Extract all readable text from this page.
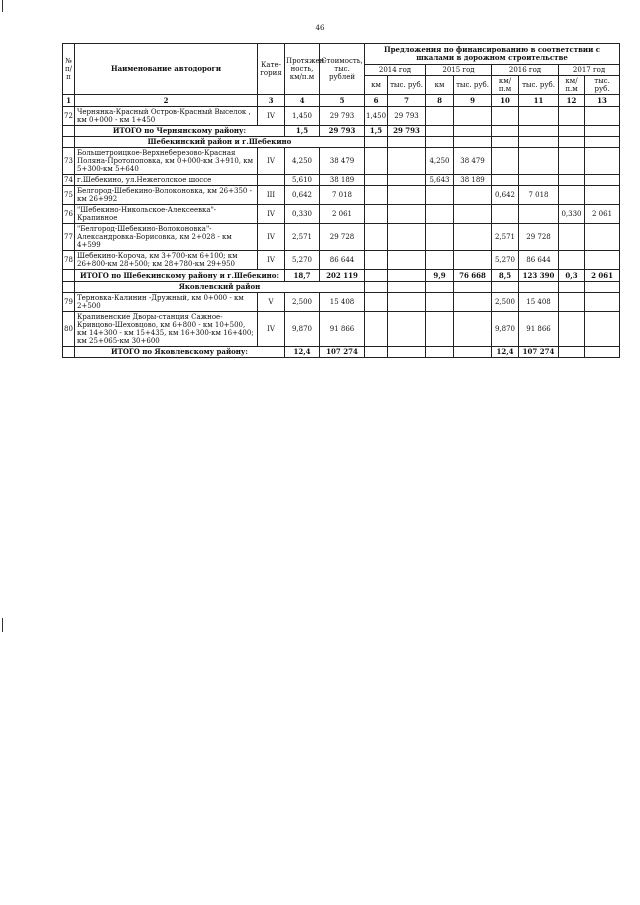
46
№ п/п	Наименование автодороги	Кате-гория	Протяжен-ность, км/п.м	Стоимость, тыс. рублей	Предложения по финансированию в соответствии с шкалами в дорожном строительстве							
					2014 год		2015 год		2016 год		2017 год	
					км	тыс. руб.	км	тыс. руб.	км/п.м	тыс. руб.	км/п.м	тыс. руб.
1	2	3	4	5	6	7	8	9	10	11	12	13
72	Чернянка-Красный Остров-Красный Выселок , км 0+000 - км 1+450	IV	1,450	29 793	1,450	29 793						
	ИТОГО по Чернянскому району:		1,5	29 793	1,5	29 793						
	Шебекинский район и г.Шебекино											
73	Большетроицкое-Верхнеберезово-Красная Поляна-Протопоповка, км 0+000-км 3+910, км 5+300-км 5+640	IV	4,250	38 479			4,250	38 479				
74	г.Шебекино, ул.Нежеголское шоссе		5,610	38 189			5,643	38 189				
75	Белгород-Шебекино-Волоконовка, км 26+350 - км 26+992	III	0,642	7 018					0,642	7 018		
76	"Шебекино-Никольское-Алексеевка"-Крапивное	IV	0,330	2 061							0,330	2 061
77	"Белгород-Шебекино-Волоконовка"-Александровка-Борисовка, км 2+028 - км 4+599	IV	2,571	29 728					2,571	29 728		
78	Шебекино-Короча, км 3+700-км 6+100; км 26+800-км 28+500; км 28+780-км 29+950	IV	5,270	86 644					5,270	86 644		
	ИТОГО по Шебекинскому району и г.Шебекино:		18,7	202 119			9,9	76 668	8,5	123 390	0,3	2 061
	Яковлевский район											
79	Терновка-Калинин -Дружный, км 0+000 - км 2+500	V	2,500	15 408					2,500	15 408		
80	Крапивенские Дворы-станция Сажное-Кривцово-Шеховцово, км 6+800 - км 10+500, км 14+300 - км 15+435, км 16+300-км 16+400; км 25+065-км 30+600	IV	9,870	91 866					9,870	91 866		
	ИТОГО по Яковлевскому району:		12,4	107 274					12,4	107 274		
